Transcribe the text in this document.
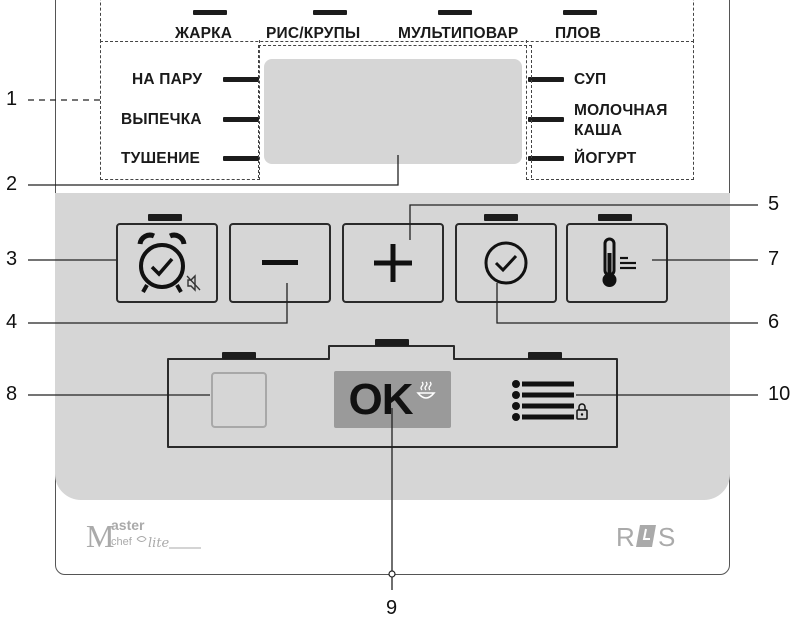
ЖАРКА РИС/КРУПЫ МУЛЬТИПОВАР ПЛОВ
НА ПАРУ
ВЫПЕЧКА
ТУШЕНИЕ
СУП
МОЛОЧНАЯ
КАША
ЙОГУРТ
OK
M
aster
chef lite	R S
1
2
3
4
5
6
7
8
9
10
